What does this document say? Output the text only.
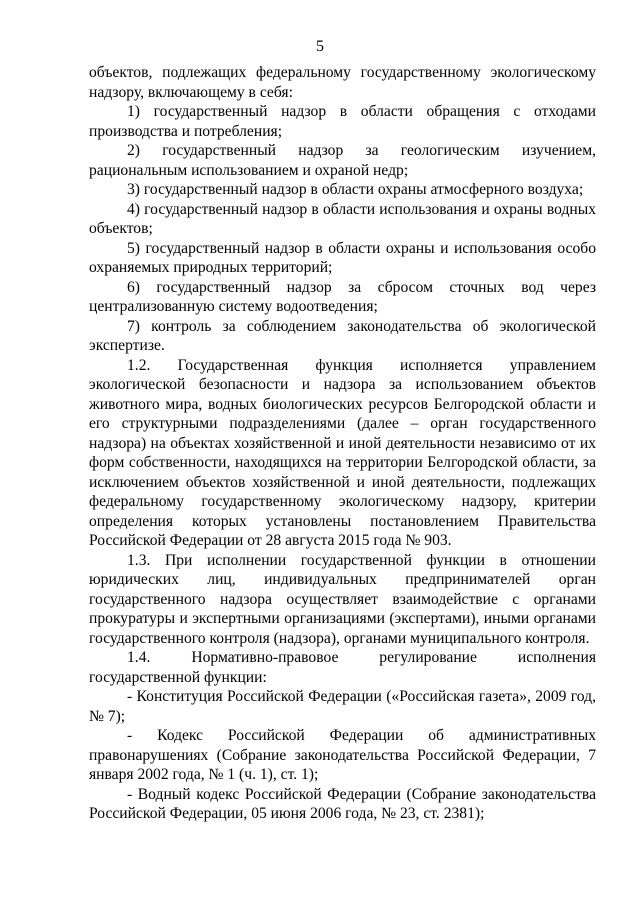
5

объектов, подлежащих федеральному государственному экологическому надзору, включающему в себя:

1) государственный надзор в области обращения с отходами производства и потребления;

2) государственный надзор за геологическим изучением, рациональным использованием и охраной недр;

3) государственный надзор в области охраны атмосферного воздуха;

4) государственный надзор в области использования и охраны водных объектов;

5) государственный надзор в области охраны и использования особо охраняемых природных территорий;

6) государственный надзор за сбросом сточных вод через централизованную систему водоотведения;

7) контроль за соблюдением законодательства об экологической экспертизе.

1.2. Государственная функция исполняется управлением экологической безопасности и надзора за использованием объектов животного мира, водных биологических ресурсов Белгородской области и его структурными подразделениями (далее – орган государственного надзора) на объектах хозяйственной и иной деятельности независимо от их форм собственности, находящихся на территории Белгородской области, за исключением объектов хозяйственной и иной деятельности, подлежащих федеральному государственному экологическому надзору, критерии определения которых установлены постановлением Правительства Российской Федерации от 28 августа 2015 года № 903.

1.3. При исполнении государственной функции в отношении юридических лиц, индивидуальных предпринимателей орган государственного надзора осуществляет взаимодействие с органами прокуратуры и экспертными организациями (экспертами), иными органами государственного контроля (надзора), органами муниципального контроля.

1.4. Нормативно-правовое регулирование исполнения государственной функции:

- Конституция Российской Федерации («Российская газета», 2009 год, № 7);

- Кодекс Российской Федерации об административных правонарушениях (Собрание законодательства Российской Федерации, 7 января 2002 года, № 1 (ч. 1), ст. 1);

- Водный кодекс Российской Федерации (Собрание законодательства Российской Федерации, 05 июня 2006 года, № 23, ст. 2381);
